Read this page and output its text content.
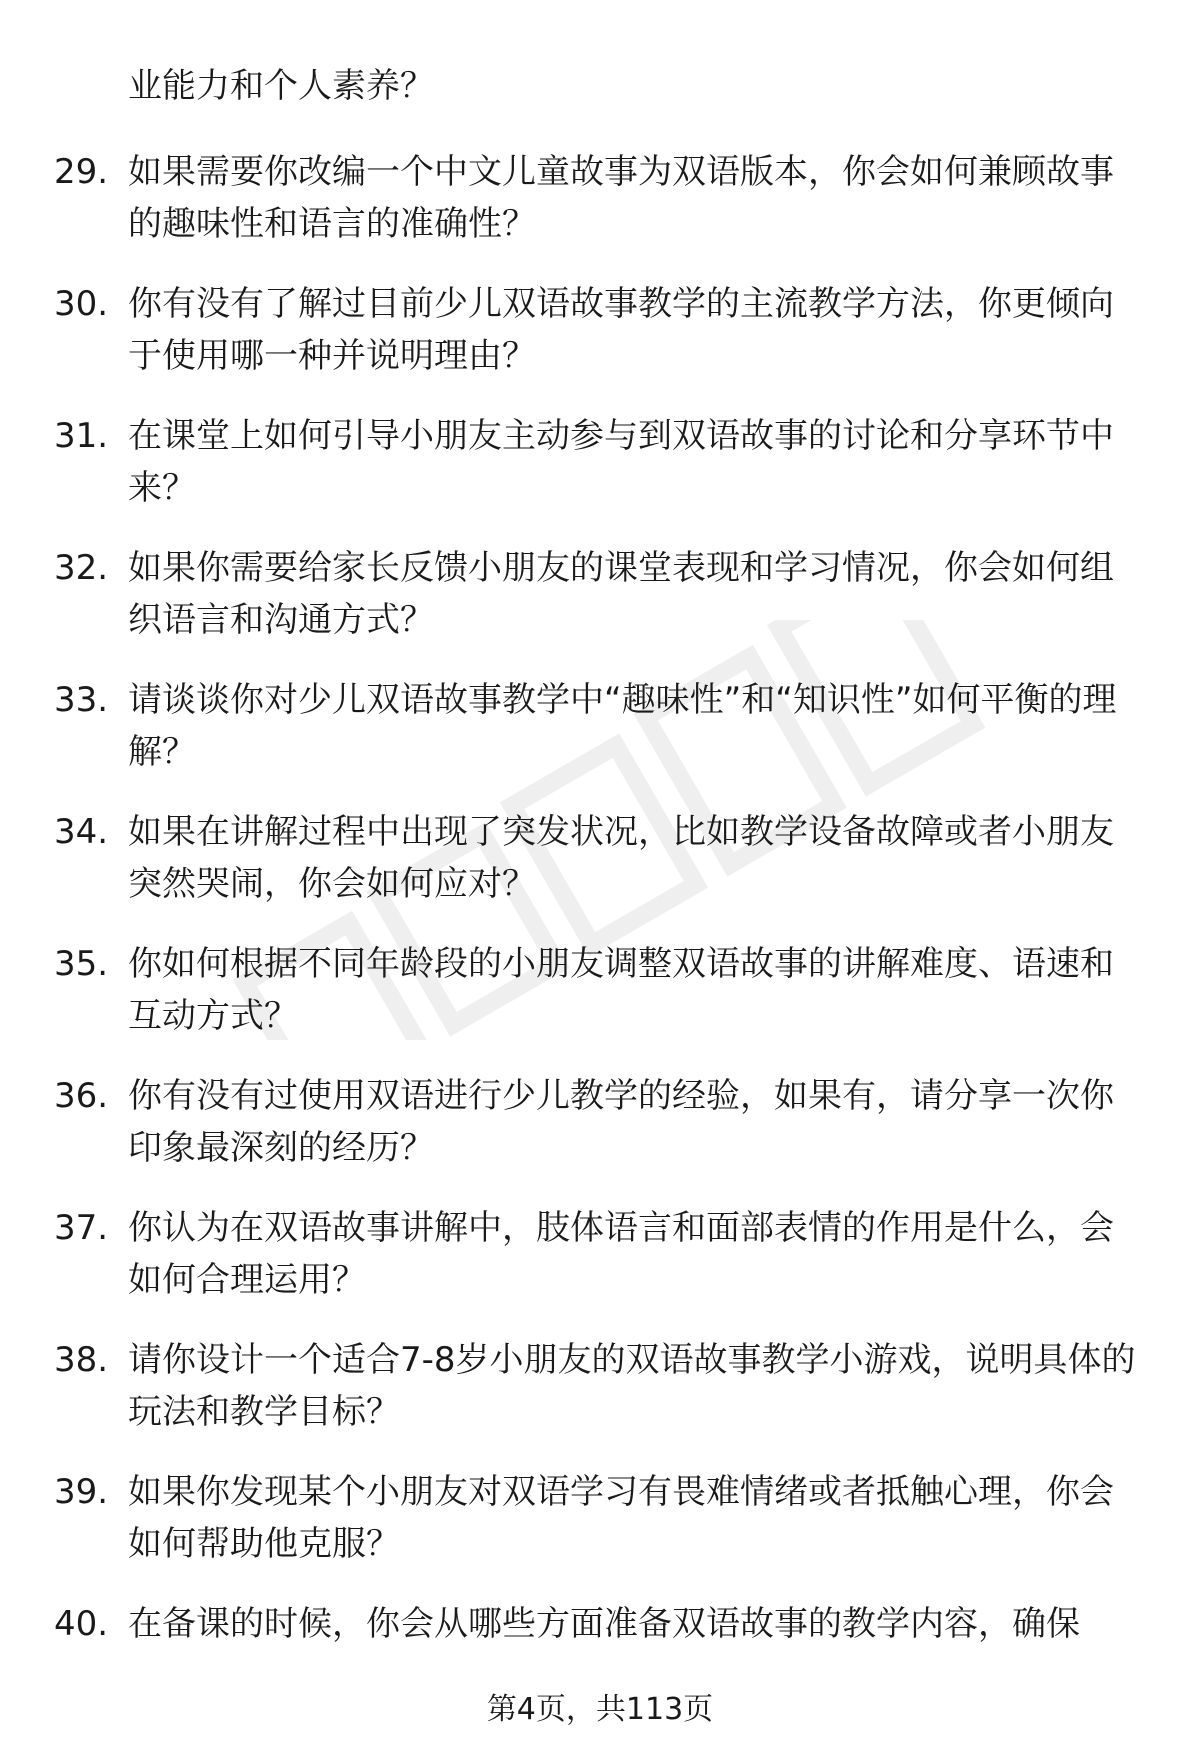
业能力和个人素养？

29. 如果需要你改编一个中文儿童故事为双语版本，你会如何兼顾故事的趣味性和语言的准确性？

30. 你有没有了解过目前少儿双语故事教学的主流教学方法，你更倾向于使用哪一种并说明理由？

31. 在课堂上如何引导小朋友主动参与到双语故事的讨论和分享环节中来？

32. 如果你需要给家长反馈小朋友的课堂表现和学习情况，你会如何组织语言和沟通方式？

33. 请谈谈你对少儿双语故事教学中“趣味性”和“知识性”如何平衡的理解？

34. 如果在讲解过程中出现了突发状况，比如教学设备故障或者小朋友突然哭闹，你会如何应对？

35. 你如何根据不同年龄段的小朋友调整双语故事的讲解难度、语速和互动方式？

36. 你有没有过使用双语进行少儿教学的经验，如果有，请分享一次你印象最深刻的经历？

37. 你认为在双语故事讲解中，肢体语言和面部表情的作用是什么，会如何合理运用？

38. 请你设计一个适合7-8岁小朋友的双语故事教学小游戏，说明具体的玩法和教学目标？

39. 如果你发现某个小朋友对双语学习有畏难情绪或者抵触心理，你会如何帮助他克服？

40. 在备课的时候，你会从哪些方面准备双语故事的教学内容，确保

第4页，共113页
